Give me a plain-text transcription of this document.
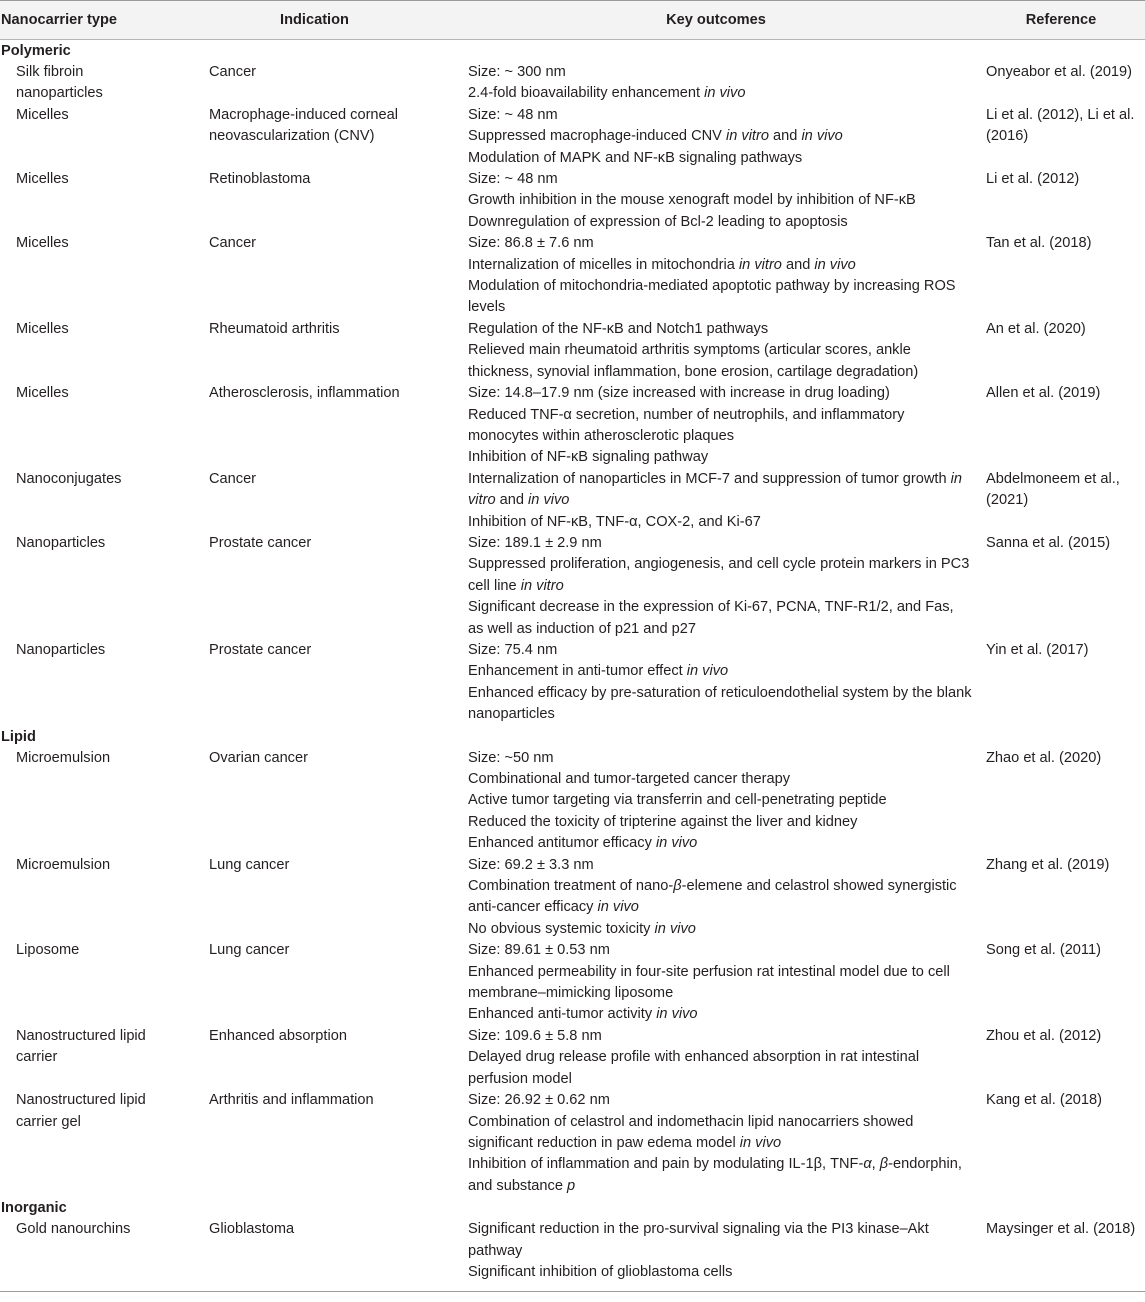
Nanocarrier type	Indication	Key outcomes	Reference
Polymeric			
Silk fibroin nanoparticles	Cancer	Size: ~ 300 nm
2.4-fold bioavailability enhancement in vivo	Onyeabor et al. (2019)
Micelles	Macrophage-induced corneal neovascularization (CNV)	Size: ~ 48 nm
Suppressed macrophage-induced CNV in vitro and in vivo
Modulation of MAPK and NF-κB signaling pathways	Li et al. (2012), Li et al. (2016)
Micelles	Retinoblastoma	Size: ~ 48 nm
Growth inhibition in the mouse xenograft model by inhibition of NF-κB
Downregulation of expression of Bcl-2 leading to apoptosis	Li et al. (2012)
Micelles	Cancer	Size: 86.8 ± 7.6 nm
Internalization of micelles in mitochondria in vitro and in vivo
Modulation of mitochondria-mediated apoptotic pathway by increasing ROS levels	Tan et al. (2018)
Micelles	Rheumatoid arthritis	Regulation of the NF-κB and Notch1 pathways
Relieved main rheumatoid arthritis symptoms (articular scores, ankle thickness, synovial inflammation, bone erosion, cartilage degradation)	An et al. (2020)
Micelles	Atherosclerosis, inflammation	Size: 14.8–17.9 nm (size increased with increase in drug loading)
Reduced TNF-α secretion, number of neutrophils, and inflammatory monocytes within atherosclerotic plaques
Inhibition of NF-κB signaling pathway	Allen et al. (2019)
Nanoconjugates	Cancer	Internalization of nanoparticles in MCF-7 and suppression of tumor growth in vitro and in vivo
Inhibition of NF-κB, TNF-α, COX-2, and Ki-67	Abdelmoneem et al., (2021)
Nanoparticles	Prostate cancer	Size: 189.1 ± 2.9 nm
Suppressed proliferation, angiogenesis, and cell cycle protein markers in PC3 cell line in vitro
Significant decrease in the expression of Ki-67, PCNA, TNF-R1/2, and Fas, as well as induction of p21 and p27	Sanna et al. (2015)
Nanoparticles	Prostate cancer	Size: 75.4 nm
Enhancement in anti-tumor effect in vivo
Enhanced efficacy by pre-saturation of reticuloendothelial system by the blank nanoparticles	Yin et al. (2017)
Lipid			
Microemulsion	Ovarian cancer	Size: ~50 nm
Combinational and tumor-targeted cancer therapy
Active tumor targeting via transferrin and cell-penetrating peptide
Reduced the toxicity of tripterine against the liver and kidney
Enhanced antitumor efficacy in vivo	Zhao et al. (2020)
Microemulsion	Lung cancer	Size: 69.2 ± 3.3 nm
Combination treatment of nano-β-elemene and celastrol showed synergistic anti-cancer efficacy in vivo
No obvious systemic toxicity in vivo	Zhang et al. (2019)
Liposome	Lung cancer	Size: 89.61 ± 0.53 nm
Enhanced permeability in four-site perfusion rat intestinal model due to cell membrane–mimicking liposome
Enhanced anti-tumor activity in vivo	Song et al. (2011)
Nanostructured lipid carrier	Enhanced absorption	Size: 109.6 ± 5.8 nm
Delayed drug release profile with enhanced absorption in rat intestinal perfusion model	Zhou et al. (2012)
Nanostructured lipid carrier gel	Arthritis and inflammation	Size: 26.92 ± 0.62 nm
Combination of celastrol and indomethacin lipid nanocarriers showed significant reduction in paw edema model in vivo
Inhibition of inflammation and pain by modulating IL-1β, TNF-α, β-endorphin, and substance p	Kang et al. (2018)
Inorganic			
Gold nanourchins	Glioblastoma	Significant reduction in the pro-survival signaling via the PI3 kinase–Akt pathway
Significant inhibition of glioblastoma cells	Maysinger et al. (2018)
